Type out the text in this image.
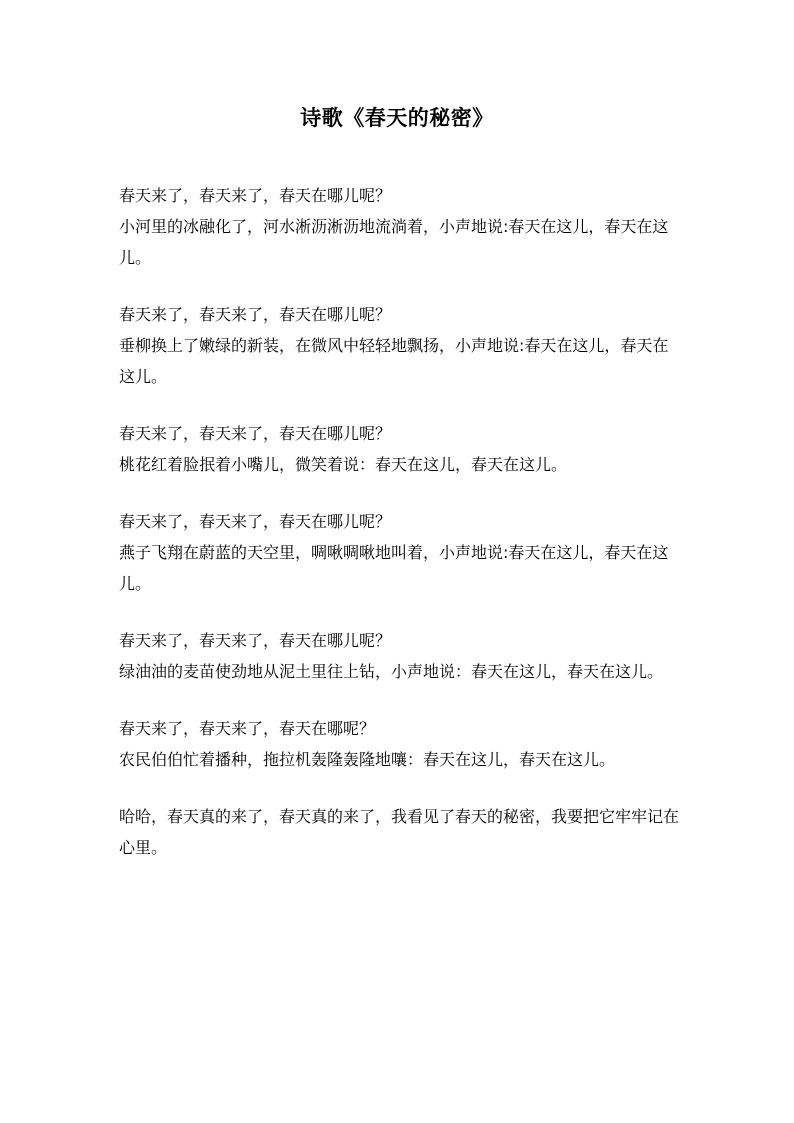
诗歌《春天的秘密》

春天来了，春天来了，春天在哪儿呢？

小河里的冰融化了，河水淅沥淅沥地流淌着，小声地说:春天在这儿，春天在这儿。

春天来了，春天来了，春天在哪儿呢？

垂柳换上了嫩绿的新装，在微风中轻轻地飘扬，小声地说:春天在这儿，春天在这儿。

春天来了，春天来了，春天在哪儿呢？

桃花红着脸抿着小嘴儿，微笑着说：春天在这儿，春天在这儿。

春天来了，春天来了，春天在哪儿呢？

燕子飞翔在蔚蓝的天空里，啁啾啁啾地叫着，小声地说:春天在这儿，春天在这儿。

春天来了，春天来了，春天在哪儿呢？

绿油油的麦苗使劲地从泥土里往上钻，小声地说：春天在这儿，春天在这儿。

春天来了，春天来了，春天在哪呢？

农民伯伯忙着播种，拖拉机轰隆轰隆地嚷：春天在这儿，春天在这儿。

哈哈，春天真的来了，春天真的来了，我看见了春天的秘密，我要把它牢牢记在心里。
